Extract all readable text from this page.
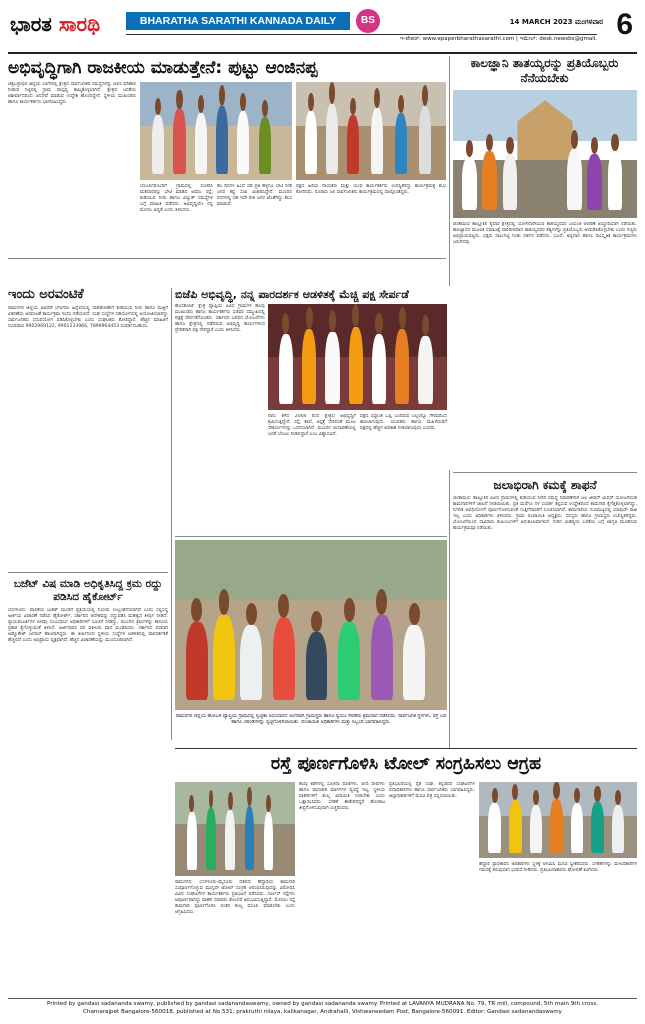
ಭಾರತ ಸಾರಥಿ	BHARATHA SARATHI KANNADA DAILY	BS	14 MARCH 2023 ಮಂಗಳವಾರ 6
ಇ-ಪೇಪರ್: www.epaperbharathasarathi.com | ಇಮೇಲ್: desk.newsbs@gmail.
ಅಭಿವೃದ್ಧಿಗಾಗಿ ರಾಜಕೀಯ ಮಾಡುತ್ತೇನೆ: ಪುಟ್ಟು ಆಂಜಿನಪ್ಪ
ಚಿಕ್ಕಬಳ್ಳಾಪುರ ಜಿಲ್ಲೆಯ ಬಾಗೇಪಲ್ಲಿ ಕ್ಷೇತ್ರದ ಸಾರ್ವಜನಿಕರ ಸಮಸ್ಯೆಗಳನ್ನು ಆಲಿಸಿ ಪರಿಹಾರ ನೀಡುವ ನಿಟ್ಟಿನಲ್ಲಿ ಗ್ರಾಮ ವಾಸ್ತವ್ಯ ಹಮ್ಮಿಕೊಳ್ಳಲಾಗಿದೆ. ಕ್ಷೇತ್ರದ ಜನತೆಯ ಆಶೀರ್ವಾದದಿಂದ ಜನಸೇವೆ ಮಾಡುವ ಉದ್ದೇಶ ಹೊಂದಿದ್ದೇನೆ. ಸ್ಥಳೀಯ ಮುಖಂಡರು ಹಾಗೂ ಕಾರ್ಯಕರ್ತರು ಭಾಗವಹಿಸಿದ್ದರು.
ಬೆಂಬಲಿಗರೊಂದಿಗೆ ಗ್ರಾಮದಲ್ಲಿ ಸಂಚರಿಸಿ ಮತದಾರರನ್ನು ಭೇಟಿ ಮಾಡಿದ ಅವರು, ರಸ್ತೆ, ಕುಡಿಯುವ ನೀರು ಹಾಗೂ ವಿದ್ಯುತ್ ಸಮಸ್ಯೆಗಳ ಬಗ್ಗೆ ಮಾಹಿತಿ ಪಡೆದರು. ಅಭಿವೃದ್ಧಿಯೇ ನನ್ನ ಮೊದಲ ಆದ್ಯತೆ ಎಂದು ತಿಳಿಸಿದರು.
ಕೆಲ ದಿನಗಳ ಹಿಂದೆ ಸಹ ಪ್ರತಿ ಹಳ್ಳಿಗೂ ಭೇಟಿ ನೀಡಿ ಜನರ ಕಷ್ಟ ಸುಖ ವಿಚಾರಿಸಿದ್ದೇನೆ. ಮುಂದಿನ ದಿನಗಳಲ್ಲಿ ಸಹ ಇದೇ ರೀತಿ ಜನರ ಜೊತೆಗಿದ್ದು ಕೆಲಸ ಮಾಡುವೆ.
ಪಕ್ಷದ ಹಿರಿಯ ನಾಯಕರು ಮತ್ತು ಯುವ ಕಾರ್ಯಕರ್ತರು ಉಪಸ್ಥಿತರಿದ್ದು ಕಾರ್ಯಕ್ರಮಕ್ಕೆ ಶುಭ ಕೋರಿದರು. ನೂರಾರು ಜನ ಸಾರ್ವಜನಿಕರು ಕಾರ್ಯಕ್ರಮದಲ್ಲಿ ಪಾಲ್ಗೊಂಡಿದ್ದರು.
ಕಾಲಜ್ಞಾನಿ ತಾತಯ್ಯರನ್ನು ಪ್ರತಿಯೊಬ್ಬರು ನೆನೆಯಬೇಕು
ಚಿಂತಾಮಣಿ ತಾಲ್ಲೂಕಿನ ಕೈವಾರ ಕ್ಷೇತ್ರದಲ್ಲಿ ಯೋಗಿನಾರೇಯಣ ತಾತಯ್ಯನವರ ಜಯಂತಿ ಆಚರಣೆ ಅದ್ದೂರಿಯಾಗಿ ನಡೆಯಿತು. ಕಾಲಜ್ಞಾನದ ಮೂಲಕ ಸಮಾಜಕ್ಕೆ ದಾರಿದೀಪವಾದ ತಾತಯ್ಯನವರ ತತ್ವಗಳನ್ನು ಪ್ರತಿಯೊಬ್ಬರು ಅಳವಡಿಸಿಕೊಳ್ಳಬೇಕು ಎಂದು ಗಣ್ಯರು ಅಭಿಪ್ರಾಯಪಟ್ಟರು. ಭಕ್ತರು ಸಾಲುಗಟ್ಟಿ ನಿಂತು ದರ್ಶನ ಪಡೆದರು. ಭಜನೆ, ಅನ್ನದಾನ ಹಾಗೂ ಸಾಂಸ್ಕೃತಿಕ ಕಾರ್ಯಕ್ರಮಗಳು ಜರುಗಿದವು.
ಇಂದು ಅರವಂಟಿಕೆ
ರಾಮನಗರ ಜಿಲ್ಲೆಯ ವಿವಿಧೆಡೆ ಬೇಸಿಗೆಯ ಹಿನ್ನೆಲೆಯಲ್ಲಿ ದಾರಿಹೋಕರಿಗೆ ಕುಡಿಯುವ ನೀರು ಹಾಗೂ ಮಜ್ಜಿಗೆ ವಿತರಣೆಯ ಅರವಂಟಿಕೆ ಕಾರ್ಯಕ್ರಮ ಇಂದು ನಡೆಯಲಿದೆ. ಸಂಘ ಸಂಸ್ಥೆಗಳ ಸಹಯೋಗದಲ್ಲಿ ಆಯೋಜಿಸಲಾಗಿದ್ದು ಸಾರ್ವಜನಿಕರು ಸದುಪಯೋಗ ಪಡಿಸಿಕೊಳ್ಳಬೇಕು ಎಂದು ಸಂಘಟಕರು ಕೋರಿದ್ದಾರೆ. ಹೆಚ್ಚಿನ ಮಾಹಿತಿಗೆ ದೂರವಾಣಿ 9902969122, 9901233966, 7899964453 ಸಂಪರ್ಕಿಸಬಹುದು.
ಬಜೆಟ್ ವಿಷ ಮಾಡಿ ಅಧಿಕೃತಿಸಿದ್ದ ಕ್ರಮ ರದ್ದು ಪಡಿಸಿದ ಹೈಕೋರ್ಟ್
ಬೆಂಗಳೂರು: ಪಾಲಿಕೆಯ ಬಜೆಟ್ ಮಂಡನೆ ಪ್ರಕ್ರಿಯೆಯಲ್ಲಿ ನಿಯಮ ಉಲ್ಲಂಘನೆಯಾಗಿದೆ ಎಂದು ಸಲ್ಲಿಸಿದ್ದ ಅರ್ಜಿಯ ವಿಚಾರಣೆ ನಡೆಸಿದ ಹೈಕೋರ್ಟ್, ಸರ್ಕಾರದ ಆದೇಶವನ್ನು ರದ್ದುಪಡಿಸಿ ಮಹತ್ವದ ತೀರ್ಪು ನೀಡಿದೆ. ನ್ಯಾಯಮೂರ್ತಿಗಳ ಪೀಠವು ಸಂಬಂಧಿಸಿದ ಅಧಿಕಾರಿಗಳಿಗೆ ಸೂಚನೆ ನೀಡಿದ್ದು, ಮುಂದಿನ ಕ್ರಮಗಳನ್ನು ಕಾನೂನು ಪ್ರಕಾರ ಕೈಗೊಳ್ಳುವಂತೆ ತಿಳಿಸಿದೆ. ಅರ್ಜಿದಾರರ ಪರ ವಕೀಲರು ವಾದ ಮಂಡಿಸಿದರು. ಸರ್ಕಾರದ ಪರವಾಗಿ ಅಡ್ವೊಕೇಟ್ ಜನರಲ್ ಹಾಜರಾಗಿದ್ದರು. ಈ ತೀರ್ಪಿನಿಂದ ಸ್ಥಳೀಯ ಸಂಸ್ಥೆಗಳ ಆಡಳಿತದಲ್ಲಿ ಪಾರದರ್ಶಕತೆ ಹೆಚ್ಚಲಿದೆ ಎಂದು ಅಭಿಪ್ರಾಯ ವ್ಯಕ್ತವಾಗಿದೆ. ಹೆಚ್ಚಿನ ವಿಚಾರಣೆಯನ್ನು ಮುಂದೂಡಲಾಗಿದೆ.
ಬಿಜೆಪಿ ಅಭಿವೃದ್ಧಿ, ನನ್ನ ಪಾರದರ್ಶಕ ಆಡಳಿತಕ್ಕೆ ಮೆಚ್ಚಿ ಪಕ್ಷ ಸೇರ್ಪಡೆ
ಹೊಸಕೋಟೆ: ಕ್ಷೇತ್ರ ವ್ಯಾಪ್ತಿಯ ವಿವಿಧ ಗ್ರಾಮಗಳ ಹಲವು ಮುಖಂಡರು ಹಾಗೂ ಕಾರ್ಯಕರ್ತರು ಸಚಿವರ ಸಮ್ಮುಖದಲ್ಲಿ ಪಕ್ಷಕ್ಕೆ ಸೇರ್ಪಡೆಗೊಂಡರು. ಸರ್ಕಾರದ ಜನಪರ ಯೋಜನೆಗಳು ಹಾಗೂ ಕ್ಷೇತ್ರದಲ್ಲಿ ನಡೆದಿರುವ ಅಭಿವೃದ್ಧಿ ಕಾರ್ಯಗಳಿಂದ ಪ್ರೇರಿತರಾಗಿ ಪಕ್ಷ ಸೇರಿದ್ದಾರೆ ಎಂದು ತಿಳಿಸಿದರು.
ನಾನು ಕಳೆದ 2004 ರಿಂದ ಕ್ಷೇತ್ರದ ಅಭಿವೃದ್ಧಿಗೆ ಶ್ರಮಿಸುತ್ತಿದ್ದೇನೆ. ರಸ್ತೆ, ಶಾಲೆ, ಆಸ್ಪತ್ರೆ ಸೇರಿದಂತೆ ಮೂಲ ಸೌಕರ್ಯಗಳನ್ನು ಒದಗಿಸಲಾಗಿದೆ. ಮುಂದಿನ ಚುನಾವಣೆಯಲ್ಲಿ ಜನತೆ ಬೆಂಬಲ ನೀಡಲಿದ್ದಾರೆ ಎಂಬ ವಿಶ್ವಾಸವಿದೆ.
ಪಕ್ಷದ ಸಿದ್ಧಾಂತ ಒಪ್ಪಿ ಬಂದಿರುವ ಎಲ್ಲರನ್ನೂ ಗೌರವದಿಂದ ಕಾಣಲಾಗುವುದು. ಯುವಕರು ಹಾಗೂ ಮಹಿಳೆಯರಿಗೆ ಪಕ್ಷದಲ್ಲಿ ಹೆಚ್ಚಿನ ಅವಕಾಶ ನೀಡಲಾಗುವುದು ಎಂದರು.
ರಾಮನಗರ ಜಿಲ್ಲೆಯ ಹೋಬಳಿ ವ್ಯಾಪ್ತಿಯ ಗ್ರಾಮದಲ್ಲಿ ಸ್ವಚ್ಛತಾ ಅಭಿಯಾನದ ಅಂಗವಾಗಿ ಗ್ರಾಮಸ್ಥರು ಹಾಗೂ ಸ್ವಯಂ ಸೇವಕರು ಶ್ರಮದಾನ ನಡೆಸಿದರು. ಸಾರ್ವಜನಿಕ ಸ್ಥಳಗಳು, ರಸ್ತೆ ಬದಿ ಹಾಗೂ ಚರಂಡಿಗಳನ್ನು ಸ್ವಚ್ಛಗೊಳಿಸಲಾಯಿತು. ಪಂಚಾಯಿತಿ ಅಧಿಕಾರಿಗಳು ಮತ್ತು ಸಿಬ್ಬಂದಿ ಭಾಗವಹಿಸಿದ್ದರು.
ಜಲಾಭಿರಾಗಿ ಕಮಕ್ಕೆ ಶಾಫನೆ
ಚಿಂತಾಮಣಿ: ತಾಲ್ಲೂಕಿನ ವಿವಿಧ ಗ್ರಾಮಗಳಲ್ಲಿ ಕುಡಿಯುವ ನೀರಿನ ಸಮಸ್ಯೆ ನಿವಾರಣೆಗಾಗಿ ಜಲ ಜೀವನ್ ಮಿಷನ್ ಯೋಜನೆಯಡಿ ಕಾಮಗಾರಿಗಳಿಗೆ ಚಾಲನೆ ನೀಡಲಾಯಿತು. ಪ್ರತಿ ಮನೆಗೂ ನಳ ಸಂಪರ್ಕ ಕಲ್ಪಿಸುವ ಉದ್ದೇಶದಿಂದ ಕಾಮಗಾರಿ ಕೈಗೆತ್ತಿಕೊಳ್ಳಲಾಗಿದ್ದು, ನಿಗದಿತ ಅವಧಿಯೊಳಗೆ ಪೂರ್ಣಗೊಳಿಸುವಂತೆ ಗುತ್ತಿಗೆದಾರರಿಗೆ ಸೂಚಿಸಲಾಗಿದೆ. ಕಾಮಗಾರಿಯ ಗುಣಮಟ್ಟದಲ್ಲಿ ಯಾವುದೇ ರಾಜಿ ಇಲ್ಲ ಎಂದು ಅಧಿಕಾರಿಗಳು ತಿಳಿಸಿದರು. ಗ್ರಾಮ ಪಂಚಾಯಿತಿ ಅಧ್ಯಕ್ಷರು, ಸದಸ್ಯರು ಹಾಗೂ ಗ್ರಾಮಸ್ಥರು ಉಪಸ್ಥಿತರಿದ್ದರು. ಯೋಜನೆಯಿಂದ ಸಾವಿರಾರು ಕುಟುಂಬಗಳಿಗೆ ಅನುಕೂಲವಾಗಲಿದೆ. ನೀರಿನ ಮಿತವ್ಯಯ ಬಳಕೆಯ ಬಗ್ಗೆ ಜಾಗೃತಿ ಮೂಡಿಸುವ ಕಾರ್ಯಕ್ರಮವೂ ನಡೆಯಿತು.
ರಸ್ತೆ ಪೂರ್ಣಗೊಳಿಸಿ ಟೋಲ್ ಸಂಗ್ರಹಿಸಲು ಆಗ್ರಹ
ರಾಮನಗರ: ಬೆಂಗಳೂರು-ಮೈಸೂರು ದಶಪಥ ಹೆದ್ದಾರಿಯ ಕಾಮಗಾರಿ ಸಂಪೂರ್ಣಗೊಳ್ಳುವ ಮುನ್ನವೇ ಟೋಲ್ ಸಂಗ್ರಹ ಆರಂಭಿಸಿರುವುದನ್ನು ವಿರೋಧಿಸಿ ವಿವಿಧ ಸಂಘಟನೆಗಳ ಕಾರ್ಯಕರ್ತರು ಪ್ರತಿಭಟನೆ ನಡೆಸಿದರು. ಸರ್ವೀಸ್ ರಸ್ತೆಗಳು ಅಪೂರ್ಣವಾಗಿದ್ದು ವಾಹನ ಸವಾರರು ತೊಂದರೆ ಅನುಭವಿಸುತ್ತಿದ್ದಾರೆ. ಮೊದಲು ರಸ್ತೆ ಕಾಮಗಾರಿ ಪೂರ್ಣಗೊಳಿಸಿ ನಂತರ ಶುಲ್ಕ ವಸೂಲಿ ಮಾಡಬೇಕು ಎಂದು ಆಗ್ರಹಿಸಿದರು.
ಕೆಲವು ಕಡೆಗಳಲ್ಲಿ ಸೂಚನಾ ಫಲಕಗಳು, ಬೀದಿ ದೀಪಗಳು ಹಾಗೂ ಪಾದಚಾರಿ ಮಾರ್ಗಗಳ ವ್ಯವಸ್ಥೆ ಇಲ್ಲ. ಸ್ಥಳೀಯ ವಾಹನಗಳಿಗೆ ಶುಲ್ಕ ವಿನಾಯಿತಿ ನೀಡಬೇಕು ಎಂದು ಒತ್ತಾಯಿಸಿದರು. ಬೇಡಿಕೆ ಈಡೇರದಿದ್ದರೆ ಹೋರಾಟ ತೀವ್ರಗೊಳಿಸುವುದಾಗಿ ಎಚ್ಚರಿಸಿದರು.
ಪ್ರತಿಭಟನೆಯಲ್ಲಿ ರೈತ ಸಂಘ, ಕನ್ನಡಪರ ಸಂಘಟನೆಗಳ ಪದಾಧಿಕಾರಿಗಳು ಹಾಗೂ ಸಾರ್ವಜನಿಕರು ಭಾಗವಹಿಸಿದ್ದರು. ಜಿಲ್ಲಾಧಿಕಾರಿಗಳಿಗೆ ಮನವಿ ಪತ್ರ ಸಲ್ಲಿಸಲಾಯಿತು.
ಹೆದ್ದಾರಿ ಪ್ರಾಧಿಕಾರದ ಅಧಿಕಾರಿಗಳು ಸ್ಥಳಕ್ಕೆ ಆಗಮಿಸಿ ಮನವಿ ಸ್ವೀಕರಿಸಿದರು. ಬೇಡಿಕೆಗಳನ್ನು ಮೇಲಧಿಕಾರಿಗಳ ಗಮನಕ್ಕೆ ತರುವುದಾಗಿ ಭರವಸೆ ನೀಡಿದರು. ಪ್ರತಿಭಟನಾಕಾರರು ಘೋಷಣೆ ಕೂಗಿದರು.
Printed by gandasi sadananda swamy, published by gandasi sadanandaswamy, owned by gandasi sadananda swamy. Printed at LAVANYA MUDRANA No. 79, TR mill, compound, 5th main 9th cross,
Chamarajpet Bangalore-560018, published at No.531, prakruthi nilaya, kalikanagar, Andrahalli, Vishwaneedam Post, Bangalore-560091. Editor: Gandasi sadanandaswamy
